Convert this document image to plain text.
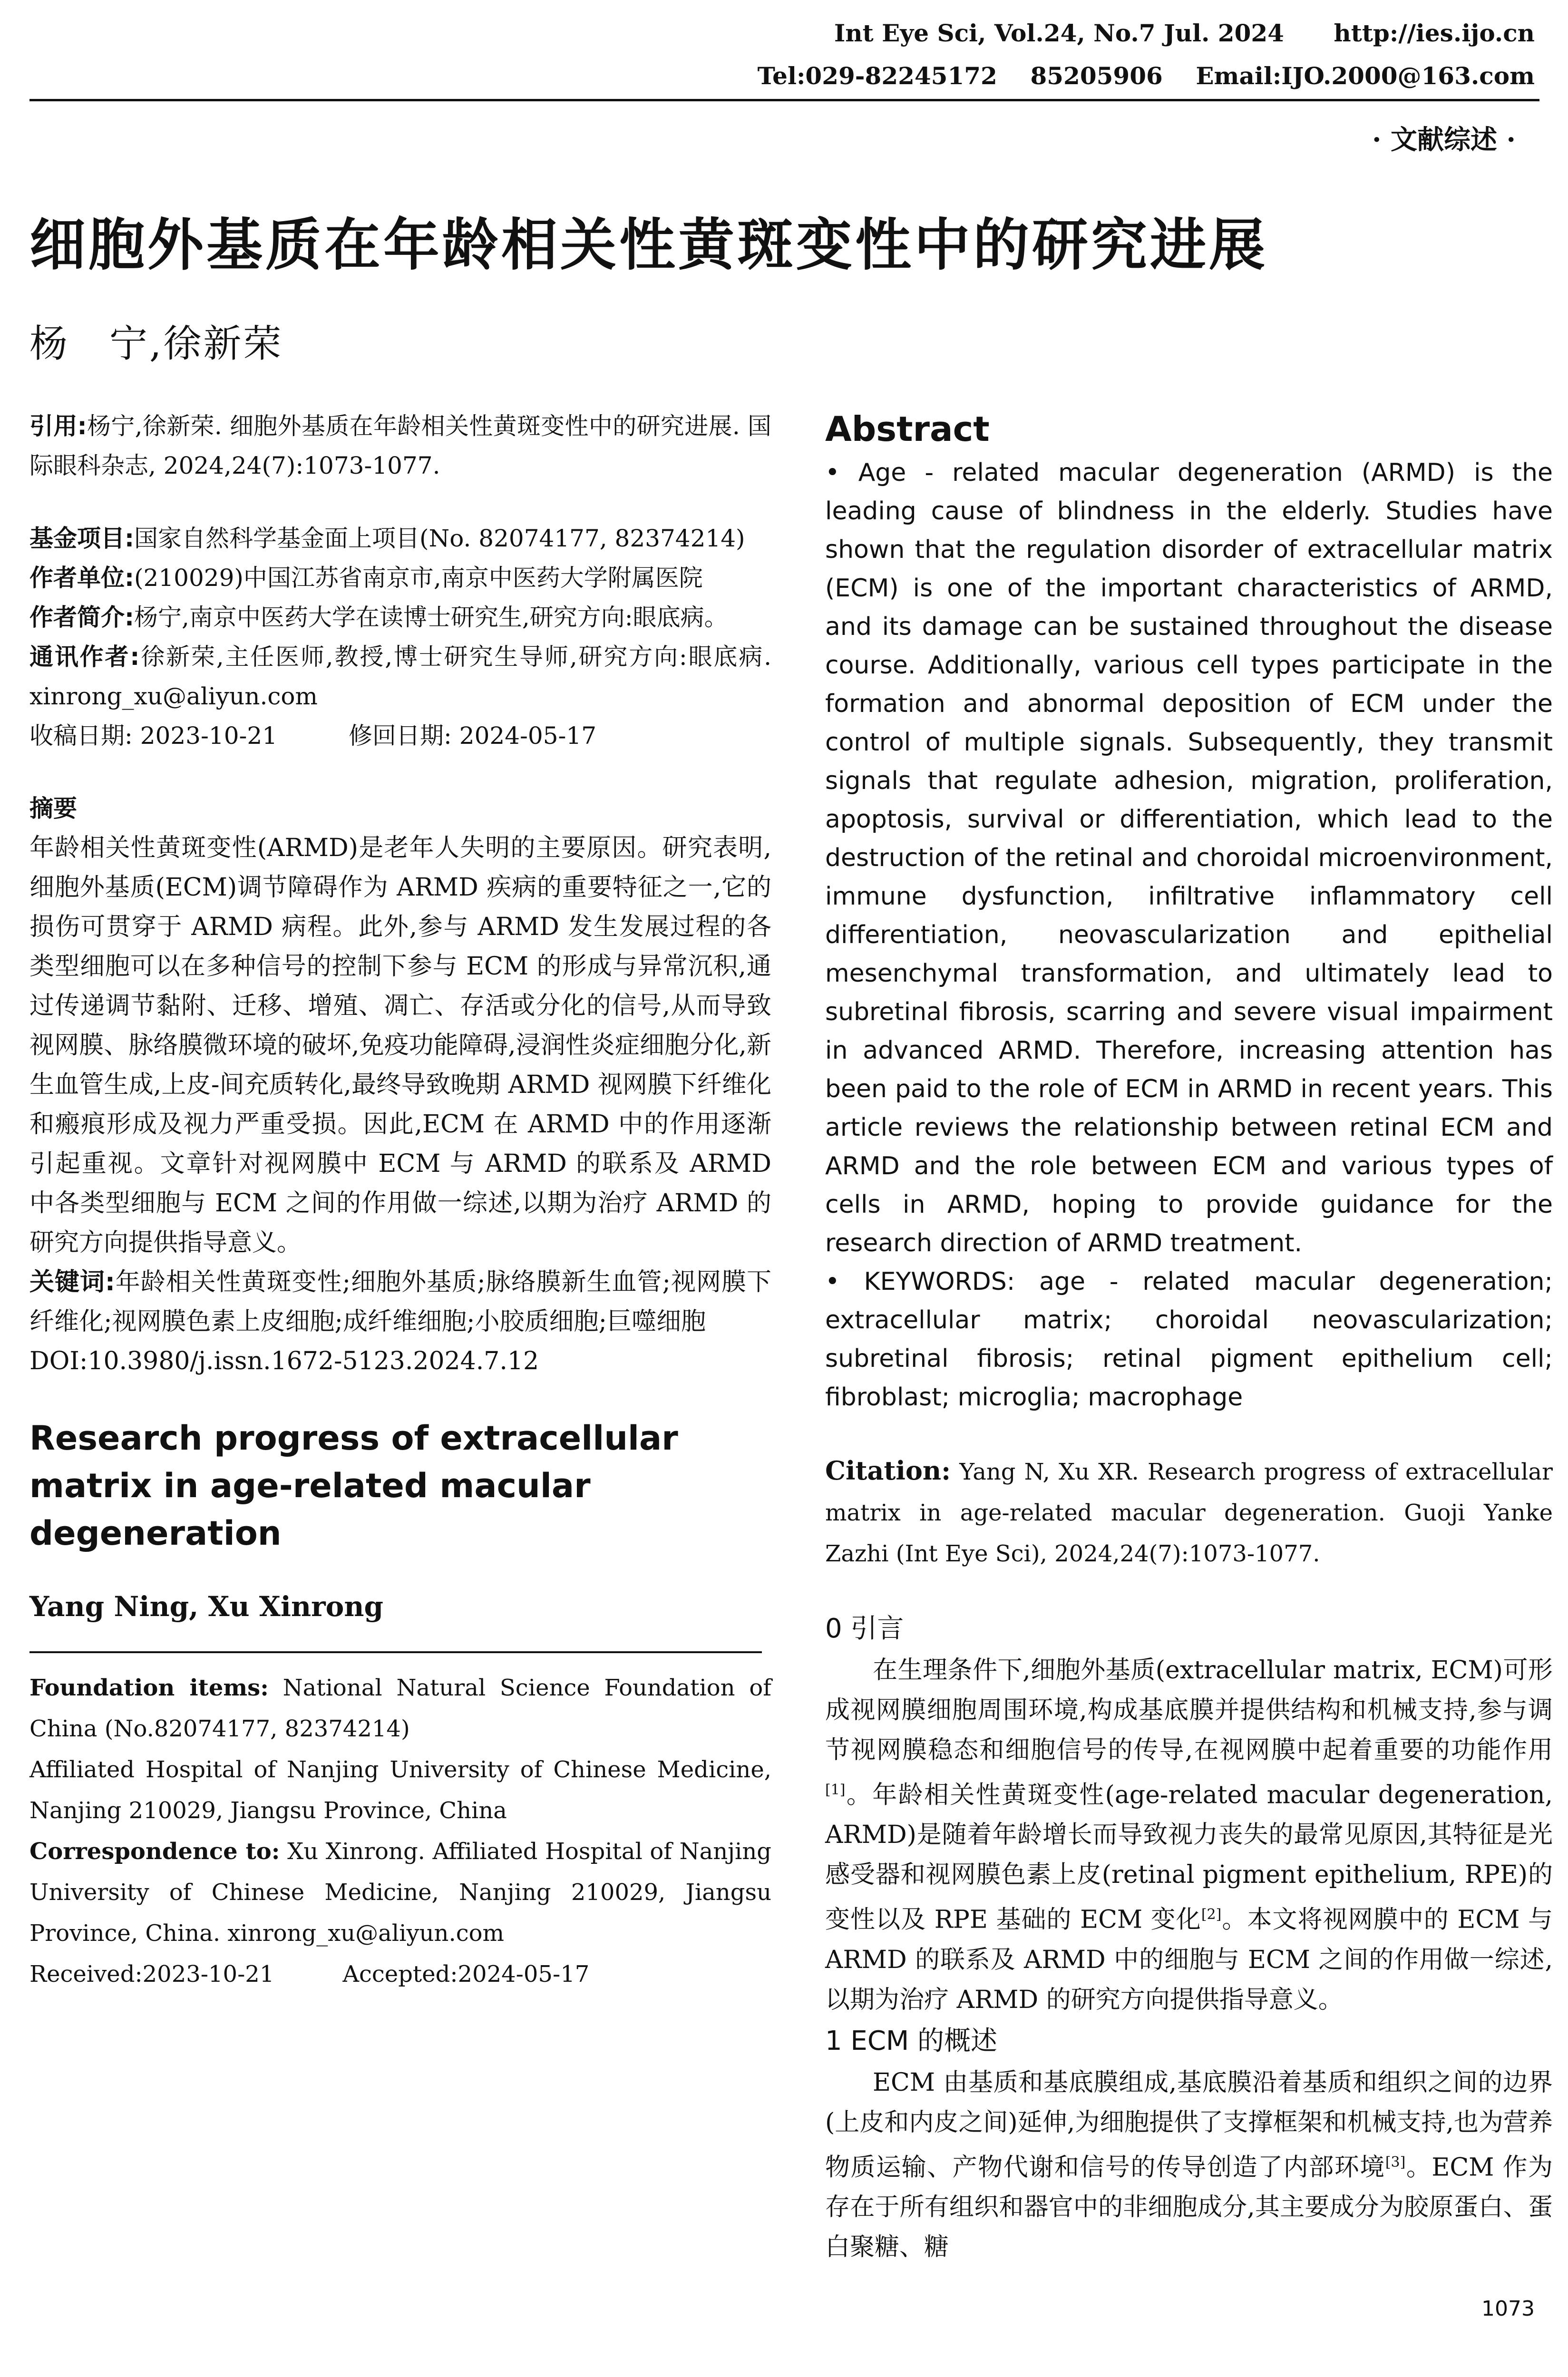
Int Eye Sci, Vol.24, No.7 Jul. 2024      http://ies.ijo.cn
Tel:029-82245172    85205906    Email:IJO.2000@163.com
· 文献综述 ·
细胞外基质在年龄相关性黄斑变性中的研究进展
杨　宁,徐新荣

引用:杨宁,徐新荣. 细胞外基质在年龄相关性黄斑变性中的研究进展. 国际眼科杂志, 2024,24(7):1073-1077.

基金项目:国家自然科学基金面上项目(No. 82074177, 82374214)

作者单位:(210029)中国江苏省南京市,南京中医药大学附属医院

作者简介:杨宁,南京中医药大学在读博士研究生,研究方向:眼底病。

通讯作者:徐新荣,主任医师,教授,博士研究生导师,研究方向:眼底病. xinrong_xu@aliyun.com

收稿日期: 2023-10-21　　　修回日期: 2024-05-17

摘要

年龄相关性黄斑变性(ARMD)是老年人失明的主要原因。研究表明,细胞外基质(ECM)调节障碍作为 ARMD 疾病的重要特征之一,它的损伤可贯穿于 ARMD 病程。此外,参与 ARMD 发生发展过程的各类型细胞可以在多种信号的控制下参与 ECM 的形成与异常沉积,通过传递调节黏附、迁移、增殖、凋亡、存活或分化的信号,从而导致视网膜、脉络膜微环境的破坏,免疫功能障碍,浸润性炎症细胞分化,新生血管生成,上皮-间充质转化,最终导致晚期 ARMD 视网膜下纤维化和瘢痕形成及视力严重受损。因此,ECM 在 ARMD 中的作用逐渐引起重视。文章针对视网膜中 ECM 与 ARMD 的联系及 ARMD 中各类型细胞与 ECM 之间的作用做一综述,以期为治疗 ARMD 的研究方向提供指导意义。

关键词:年龄相关性黄斑变性;细胞外基质;脉络膜新生血管;视网膜下纤维化;视网膜色素上皮细胞;成纤维细胞;小胶质细胞;巨噬细胞

DOI:10.3980/j.issn.1672-5123.2024.7.12

Research progress of extracellular matrix in age-related macular degeneration

Yang Ning, Xu Xinrong

Foundation items: National Natural Science Foundation of China (No.82074177, 82374214)

Affiliated Hospital of Nanjing University of Chinese Medicine, Nanjing 210029, Jiangsu Province, China

Correspondence to: Xu Xinrong. Affiliated Hospital of Nanjing University of Chinese Medicine, Nanjing 210029, Jiangsu Province, China. xinrong_xu@aliyun.com

Received:2023-10-21　　　Accepted:2024-05-17

Abstract

• Age - related macular degeneration (ARMD) is the leading cause of blindness in the elderly. Studies have shown that the regulation disorder of extracellular matrix (ECM) is one of the important characteristics of ARMD, and its damage can be sustained throughout the disease course. Additionally, various cell types participate in the formation and abnormal deposition of ECM under the control of multiple signals. Subsequently, they transmit signals that regulate adhesion, migration, proliferation, apoptosis, survival or differentiation, which lead to the destruction of the retinal and choroidal microenvironment, immune dysfunction, infiltrative inflammatory cell differentiation, neovascularization and epithelial mesenchymal transformation, and ultimately lead to subretinal fibrosis, scarring and severe visual impairment in advanced ARMD. Therefore, increasing attention has been paid to the role of ECM in ARMD in recent years. This article reviews the relationship between retinal ECM and ARMD and the role between ECM and various types of cells in ARMD, hoping to provide guidance for the research direction of ARMD treatment.

• KEYWORDS: age - related macular degeneration; extracellular matrix; choroidal neovascularization; subretinal fibrosis; retinal pigment epithelium cell; fibroblast; microglia; macrophage

Citation: Yang N, Xu XR. Research progress of extracellular matrix in age-related macular degeneration. Guoji Yanke Zazhi (Int Eye Sci), 2024,24(7):1073-1077.

0 引言

在生理条件下,细胞外基质(extracellular matrix, ECM)可形成视网膜细胞周围环境,构成基底膜并提供结构和机械支持,参与调节视网膜稳态和细胞信号的传导,在视网膜中起着重要的功能作用[1]。年龄相关性黄斑变性(age-related macular degeneration, ARMD)是随着年龄增长而导致视力丧失的最常见原因,其特征是光感受器和视网膜色素上皮(retinal pigment epithelium, RPE)的变性以及 RPE 基础的 ECM 变化[2]。本文将视网膜中的 ECM 与 ARMD 的联系及 ARMD 中的细胞与 ECM 之间的作用做一综述,以期为治疗 ARMD 的研究方向提供指导意义。

1 ECM 的概述

ECM 由基质和基底膜组成,基底膜沿着基质和组织之间的边界(上皮和内皮之间)延伸,为细胞提供了支撑框架和机械支持,也为营养物质运输、产物代谢和信号的传导创造了内部环境[3]。ECM 作为存在于所有组织和器官中的非细胞成分,其主要成分为胶原蛋白、蛋白聚糖、糖

1073
